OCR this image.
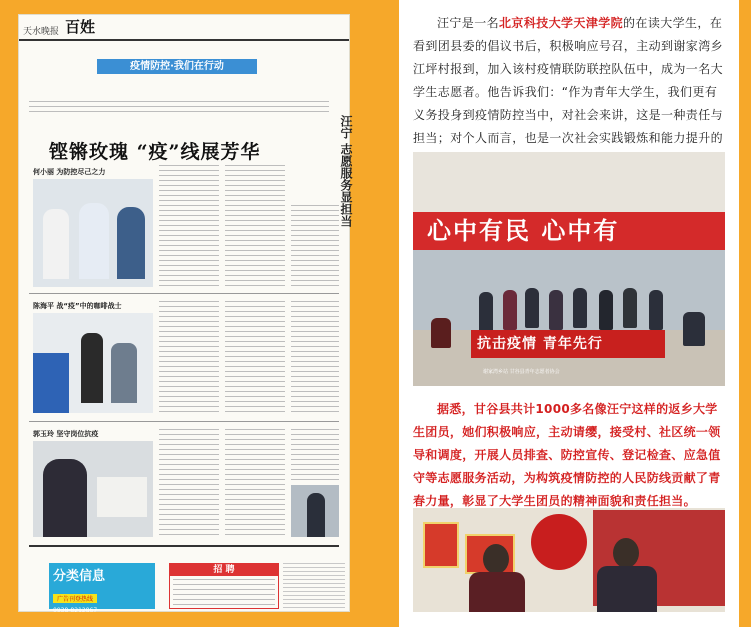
天水晚报 百姓
疫情防控·我们在行动
铿锵玫瑰 “疫”线展芳华	汪宁 志愿服务显担当
何小丽 为防控尽己之力
陈海平 战“疫”中的咖啡战士
郭玉玲 坚守岗位抗疫
分类信息
广告刊登热线
0938-8212867
招 聘
汪宁是一名北京科技大学天津学院的在读大学生，在看到团县委的倡议书后，积极响应号召，主动到谢家湾乡江坪村报到，加入该村疫情联防联控队伍中，成为一名大学生志愿者。他告诉我们：“作为青年大学生，我们更有义务投身到疫情防控当中，对社会来讲，这是一种责任与担当；对个人而言，也是一次社会实践锻炼和能力提升的
心中有民 心中有
抗击疫情 青年先行谢家湾乡站 甘谷县青年志愿者协会
据悉，甘谷县共计1000多名像汪宁这样的返乡大学生团员，她们积极响应，主动请缨，接受村、社区统一领导和调度，开展人员排查、防控宣传、登记检查、应急值守等志愿服务活动，为构筑疫情防控的人民防线贡献了青春力量，彰显了大学生团员的精神面貌和责任担当。
